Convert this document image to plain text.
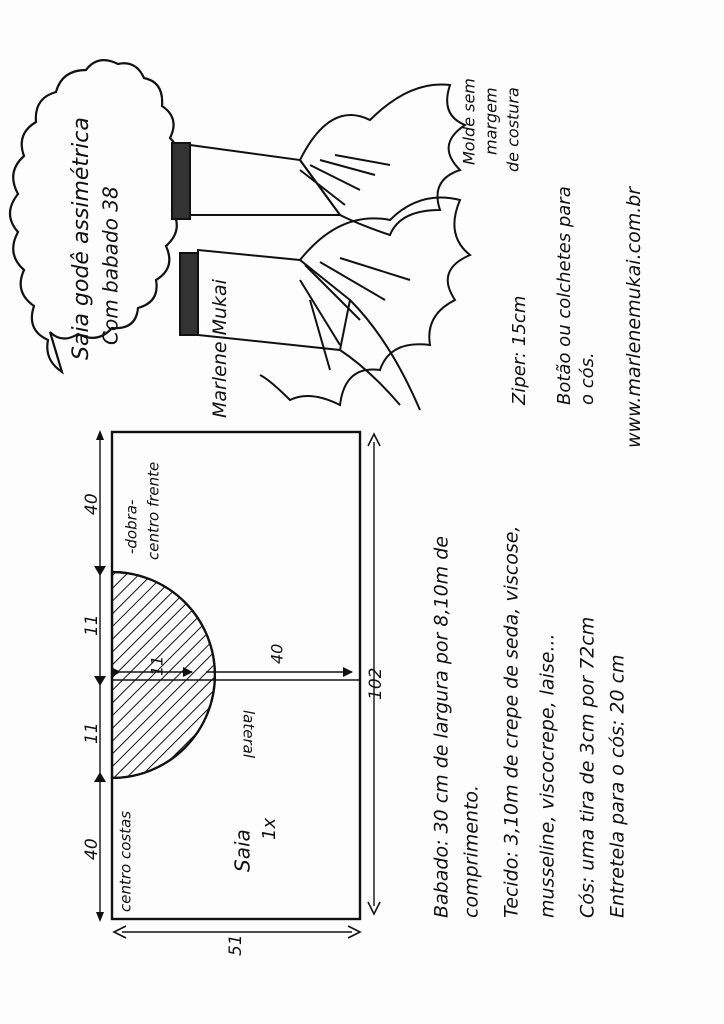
Saia godê assimétrica Com babado 38
Marlene Mukai
Molde sem margem de costura
Ziper: 15cm Botão ou colchetes para o cós. www.marlenemukai.com.br
40
11
11
40
centro costas
centro frente
-dobra-
11
40
lateral
Saia
1x
102
51
Babado: 30 cm de largura por 8,10m de comprimento. Tecido: 3,10m de crepe de seda, viscose, musseline, viscocrepe, laise... Cós: uma tira de 3cm por 72cm Entretela para o cós: 20 cm
